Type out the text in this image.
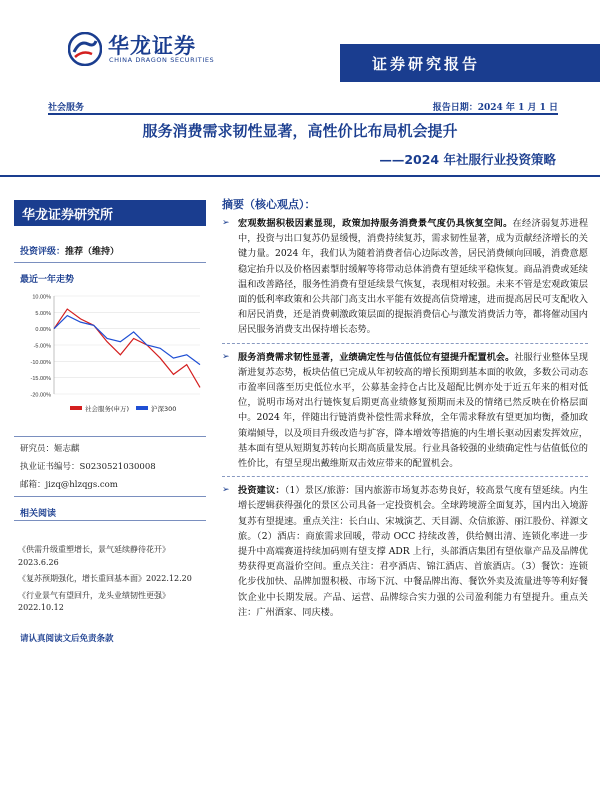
证券研究报告
华龙证券
CHINA DRAGON SECURITIES
社会服务	报告日期：2024 年 1 月 1 日
服务消费需求韧性显著，高性价比布局机会提升
——2024 年社服行业投资策略
华龙证券研究所
投资评级：推荐（维持）
最近一年走势
10.00%
5.00%
0.00%
-5.00%
-10.00%
-15.00%
-20.00%
社会服务(申万)	沪深300
研究员：姬志麒
执业证书编号：S0230521030008
邮箱：jizq@hlzqgs.com
相关阅读
《供需升级重塑增长，景气延续静待花开》2023.6.26
《复苏预期强化，增长重回基本面》2022.12.20
《行业景气有望回升，龙头业绩韧性更强》2022.10.12
请认真阅读文后免责条款
摘要（核心观点）：
➢ 宏观数据积极因素显现，政策加持服务消费景气度仍具恢复空间。在经济弱复苏进程中，投资与出口复苏仍显缓慢，消费持续复苏，需求韧性显著，成为贡献经济增长的关键力量。2024 年，我们认为随着消费者信心边际改善，居民消费倾向回暖，消费意愿稳定抬升以及价格因素掣肘缓解等将带动总体消费有望延续平稳恢复。商品消费或延续温和改善路径，服务性消费有望延续景气恢复，表现相对较强。未来不管是宏观政策层面的低利率政策和公共部门高支出水平能有效提高信贷增速，进而提高居民可支配收入和居民消费，还是消费刺激政策层面的提振消费信心与激发消费活力等，都将催动国内居民服务消费支出保持增长态势。
➢ 服务消费需求韧性显著，业绩确定性与估值低位有望提升配置机会。社服行业整体呈现渐进复苏态势，板块估值已完成从年初较高的增长预期到基本面的收敛，多数公司动态市盈率回落至历史低位水平，公募基金持仓占比及超配比例亦处于近五年来的相对低位，说明市场对出行链恢复后期更高业绩修复预期而未及的情绪已然反映在价格层面中。2024 年，伴随出行链消费补偿性需求释放，全年需求释放有望更加均衡，叠加政策端倾导，以及项目升级改造与扩容，降本增效等措施的内生增长驱动因素发挥效应，基本面有望从短期复苏转向长期高质量发展。行业具备较强的业绩确定性与估值低位的性价比，有望呈现出戴维斯双击效应带来的配置机会。
➢ 投资建议：（1）景区/旅游：国内旅游市场复苏态势良好，较高景气度有望延续。内生增长逻辑获得强化的景区公司具备一定投资机会。全球跨境游全面复苏，国内出入境游复苏有望提速。重点关注：长白山、宋城演艺、天目湖、众信旅游、丽江股份、祥源文旅。（2）酒店：商旅需求回暖，带动 OCC 持续改善，供给侧出清、连锁化率进一步提升中高端赛道持续加码则有望支撑 ADR 上行，头部酒店集团有望依靠产品及品牌优势获得更高溢价空间。重点关注：君亭酒店、锦江酒店、首旅酒店。（3）餐饮：连锁化步伐加快、品牌加盟积极、市场下沉、中餐品牌出海、餐饮外卖及流量进等等利好餐饮企业中长期发展。产品、运营、品牌综合实力强的公司盈利能力有望提升。重点关注：广州酒家、同庆楼。
